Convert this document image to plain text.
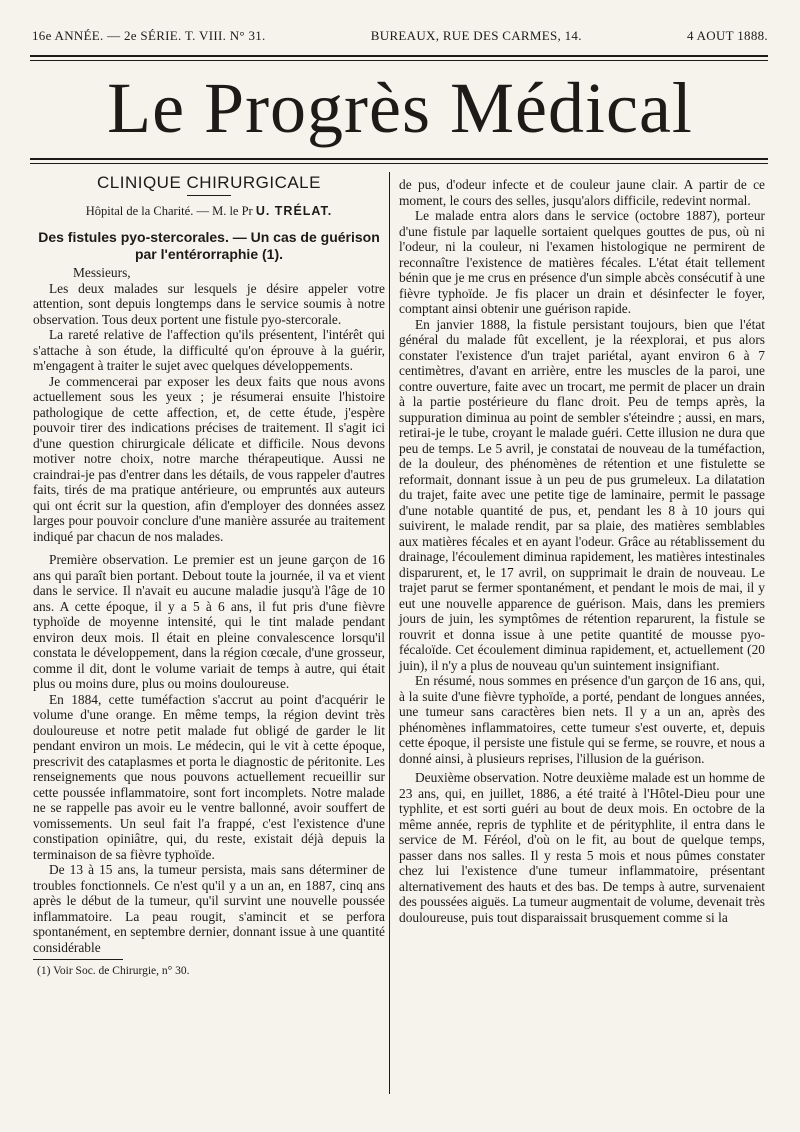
16e ANNÉE. — 2e SÉRIE. T. VIII. N° 31.	BUREAUX, RUE DES CARMES, 14.	4 AOUT 1888.
Le Progrès Médical
CLINIQUE CHIRURGICALE
Hôpital de la Charité. — M. le Pr U. TRÉLAT.

Des fistules pyo-stercorales. — Un cas de guérison par l'entérorraphie (1).

Messieurs,

Les deux malades sur lesquels je désire appeler votre attention, sont depuis longtemps dans le service soumis à notre observation. Tous deux portent une fistule pyo-stercorale.

La rareté relative de l'affection qu'ils présentent, l'intérêt qui s'attache à son étude, la difficulté qu'on éprouve à la guérir, m'engagent à traiter le sujet avec quelques développements.

Je commencerai par exposer les deux faits que nous avons actuellement sous les yeux ; je résumerai ensuite l'histoire pathologique de cette affection, et, de cette étude, j'espère pouvoir tirer des indications précises de traitement. Il s'agit ici d'une question chirurgicale délicate et difficile. Nous devons motiver notre choix, notre marche thérapeutique. Aussi ne craindrai-je pas d'entrer dans les détails, de vous rappeler d'autres faits, tirés de ma pratique antérieure, ou empruntés aux auteurs qui ont écrit sur la question, afin d'employer des données assez larges pour pouvoir conclure d'une manière assurée au traitement indiqué par chacun de nos malades.

Première observation. Le premier est un jeune garçon de 16 ans qui paraît bien portant. Debout toute la journée, il va et vient dans le service. Il n'avait eu aucune maladie jusqu'à l'âge de 10 ans. A cette époque, il y a 5 à 6 ans, il fut pris d'une fièvre typhoïde de moyenne intensité, qui le tint malade pendant environ deux mois. Il était en pleine convalescence lorsqu'il constata le développement, dans la région cœcale, d'une grosseur, comme il dit, dont le volume variait de temps à autre, qui était plus ou moins dure, plus ou moins douloureuse.

En 1884, cette tuméfaction s'accrut au point d'acquérir le volume d'une orange. En même temps, la région devint très douloureuse et notre petit malade fut obligé de garder le lit pendant environ un mois. Le médecin, qui le vit à cette époque, prescrivit des cataplasmes et porta le diagnostic de péritonite. Les renseignements que nous pouvons actuellement recueillir sur cette poussée inflammatoire, sont fort incomplets. Notre malade ne se rappelle pas avoir eu le ventre ballonné, avoir souffert de vomissements. Un seul fait l'a frappé, c'est l'existence d'une constipation opiniâtre, qui, du reste, existait déjà depuis la terminaison de sa fièvre typhoïde.

De 13 à 15 ans, la tumeur persista, mais sans déterminer de troubles fonctionnels. Ce n'est qu'il y a un an, en 1887, cinq ans après le début de la tumeur, qu'il survint une nouvelle poussée inflammatoire. La peau rougit, s'amincit et se perfora spontanément, en septembre dernier, donnant issue à une quantité considérable

(1) Voir Soc. de Chirurgie, n° 30.

de pus, d'odeur infecte et de couleur jaune clair. A partir de ce moment, le cours des selles, jusqu'alors difficile, redevint normal.

Le malade entra alors dans le service (octobre 1887), porteur d'une fistule par laquelle sortaient quelques gouttes de pus, où ni l'odeur, ni la couleur, ni l'examen histologique ne permirent de reconnaître l'existence de matières fécales. L'état était tellement bénin que je me crus en présence d'un simple abcès consécutif à une fièvre typhoïde. Je fis placer un drain et désinfecter le foyer, comptant ainsi obtenir une guérison rapide.

En janvier 1888, la fistule persistant toujours, bien que l'état général du malade fût excellent, je la réexplorai, et pus alors constater l'existence d'un trajet pariétal, ayant environ 6 à 7 centimètres, d'avant en arrière, entre les muscles de la paroi, une contre ouverture, faite avec un trocart, me permit de placer un drain à la partie postérieure du flanc droit. Peu de temps après, la suppuration diminua au point de sembler s'éteindre ; aussi, en mars, retirai-je le tube, croyant le malade guéri. Cette illusion ne dura que peu de temps. Le 5 avril, je constatai de nouveau de la tuméfaction, de la douleur, des phénomènes de rétention et une fistulette se reformait, donnant issue à un peu de pus grumeleux. La dilatation du trajet, faite avec une petite tige de laminaire, permit le passage d'une notable quantité de pus, et, pendant les 8 à 10 jours qui suivirent, le malade rendit, par sa plaie, des matières semblables aux matières fécales et en ayant l'odeur. Grâce au rétablissement du drainage, l'écoulement diminua rapidement, les matières intestinales disparurent, et, le 17 avril, on supprimait le drain de nouveau. Le trajet parut se fermer spontanément, et pendant le mois de mai, il y eut une nouvelle apparence de guérison. Mais, dans les premiers jours de juin, les symptômes de rétention reparurent, la fistule se rouvrit et donna issue à une petite quantité de mousse pyo-fécaloïde. Cet écoulement diminua rapidement, et, actuellement (20 juin), il n'y a plus de nouveau qu'un suintement insignifiant.

En résumé, nous sommes en présence d'un garçon de 16 ans, qui, à la suite d'une fièvre typhoïde, a porté, pendant de longues années, une tumeur sans caractères bien nets. Il y a un an, après des phénomènes inflammatoires, cette tumeur s'est ouverte, et, depuis cette époque, il persiste une fistule qui se ferme, se rouvre, et nous a donné ainsi, à plusieurs reprises, l'illusion de la guérison.

Deuxième observation. Notre deuxième malade est un homme de 23 ans, qui, en juillet, 1886, a été traité à l'Hôtel-Dieu pour une typhlite, et est sorti guéri au bout de deux mois. En octobre de la même année, repris de typhlite et de pérityphlite, il entra dans le service de M. Féréol, d'où on le fit, au bout de quelque temps, passer dans nos salles. Il y resta 5 mois et nous pûmes constater chez lui l'existence d'une tumeur inflammatoire, présentant alternativement des hauts et des bas. De temps à autre, survenaient des poussées aiguës. La tumeur augmentait de volume, devenait très douloureuse, puis tout disparaissait brusquement comme si la
